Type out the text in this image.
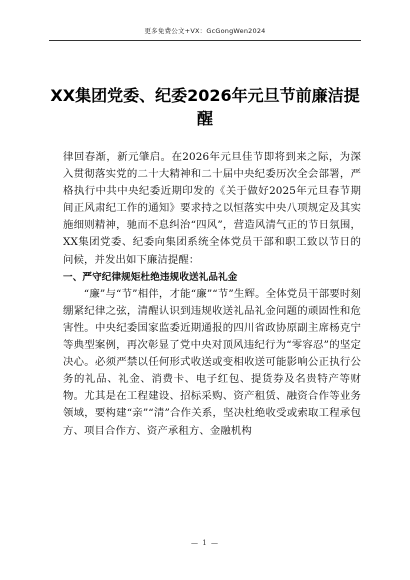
更多免费公文+VX：GcGongWen2024
XX集团党委、纪委2026年元旦节前廉洁提醒

律回春渐，新元肇启。在2026年元旦佳节即将到来之际，为深入贯彻落实党的二十大精神和二十届中央纪委历次全会部署，严格执行中共中央纪委近期印发的《关于做好2025年元旦春节期间正风肃纪工作的通知》要求持之以恒落实中央八项规定及其实施细则精神，驰而不息纠治“四风”，营造风清气正的节日氛围，XX集团党委、纪委向集团系统全体党员干部和职工致以节日的问候，并发出如下廉洁提醒：

一、严守纪律规矩杜绝违规收送礼品礼金

“廉”与“节”相伴，才能“廉”“节”生辉。全体党员干部要时刻绷紧纪律之弦，清醒认识到违规收送礼品礼金问题的顽固性和危害性。中央纪委国家监委近期通报的四川省政协原副主席杨克宁等典型案例，再次彰显了党中央对顶风违纪行为“零容忍”的坚定决心。必须严禁以任何形式收送或变相收送可能影响公正执行公务的礼品、礼金、消费卡、电子红包、提货券及名贵特产等财物。尤其是在工程建设、招标采购、资产租赁、融资合作等业务领域，要构建“亲”“清”合作关系，坚决杜绝收受或索取工程承包方、项目合作方、资产承租方、金融机构

— 1 —
